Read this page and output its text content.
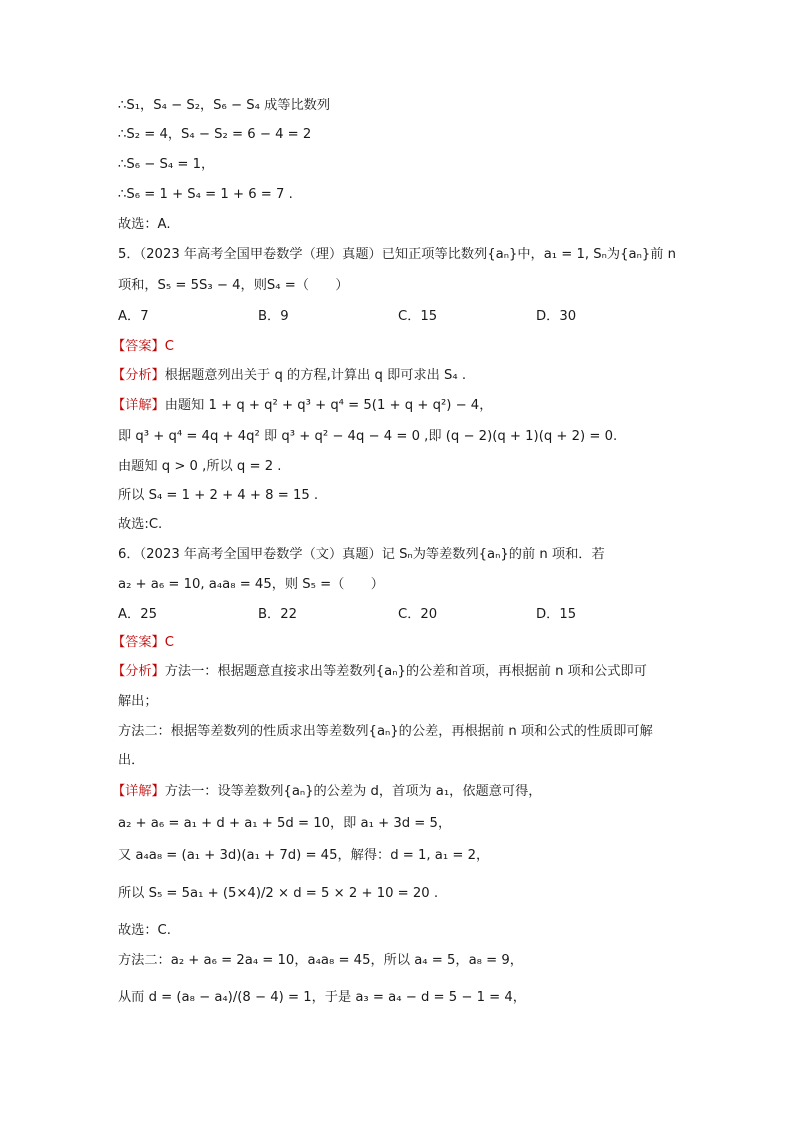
∴S₁，S₄ − S₂，S₆ − S₄ 成等比数列
∴S₂ = 4，S₄ − S₂ = 6 − 4 = 2
∴S₆ − S₄ = 1，
∴S₆ = 1 + S₄ = 1 + 6 = 7 .
故选：A.
5．（2023 年高考全国甲卷数学（理）真题）已知正项等比数列{aₙ}中，a₁ = 1, Sₙ为{aₙ}前 n
项和，S₅ = 5S₃ − 4，则S₄ =（　　）
A．7	B．9	C．15	D．30
【答案】C
【分析】根据题意列出关于 q 的方程,计算出 q 即可求出 S₄ .
【详解】由题知 1 + q + q² + q³ + q⁴ = 5(1 + q + q²) − 4，
即 q³ + q⁴ = 4q + 4q² 即 q³ + q² − 4q − 4 = 0 ,即 (q − 2)(q + 1)(q + 2) = 0.
由题知 q > 0 ,所以 q = 2 .
所以 S₄ = 1 + 2 + 4 + 8 = 15 .
故选:C.
6．（2023 年高考全国甲卷数学（文）真题）记 Sₙ为等差数列{aₙ}的前 n 项和．若
a₂ + a₆ = 10, a₄a₈ = 45，则 S₅ =（　　）
A．25	B．22	C．20	D．15
【答案】C
【分析】方法一：根据题意直接求出等差数列{aₙ}的公差和首项，再根据前 n 项和公式即可
解出；
方法二：根据等差数列的性质求出等差数列{aₙ}的公差，再根据前 n 项和公式的性质即可解
出．
【详解】方法一：设等差数列{aₙ}的公差为 d，首项为 a₁，依题意可得，
a₂ + a₆ = a₁ + d + a₁ + 5d = 10，即 a₁ + 3d = 5，
又 a₄a₈ = (a₁ + 3d)(a₁ + 7d) = 45，解得：d = 1, a₁ = 2，
所以 S₅ = 5a₁ + (5×4)/2 × d = 5 × 2 + 10 = 20 .
故选：C.
方法二：a₂ + a₆ = 2a₄ = 10，a₄a₈ = 45，所以 a₄ = 5，a₈ = 9，
从而 d = (a₈ − a₄)/(8 − 4) = 1，于是 a₃ = a₄ − d = 5 − 1 = 4，
